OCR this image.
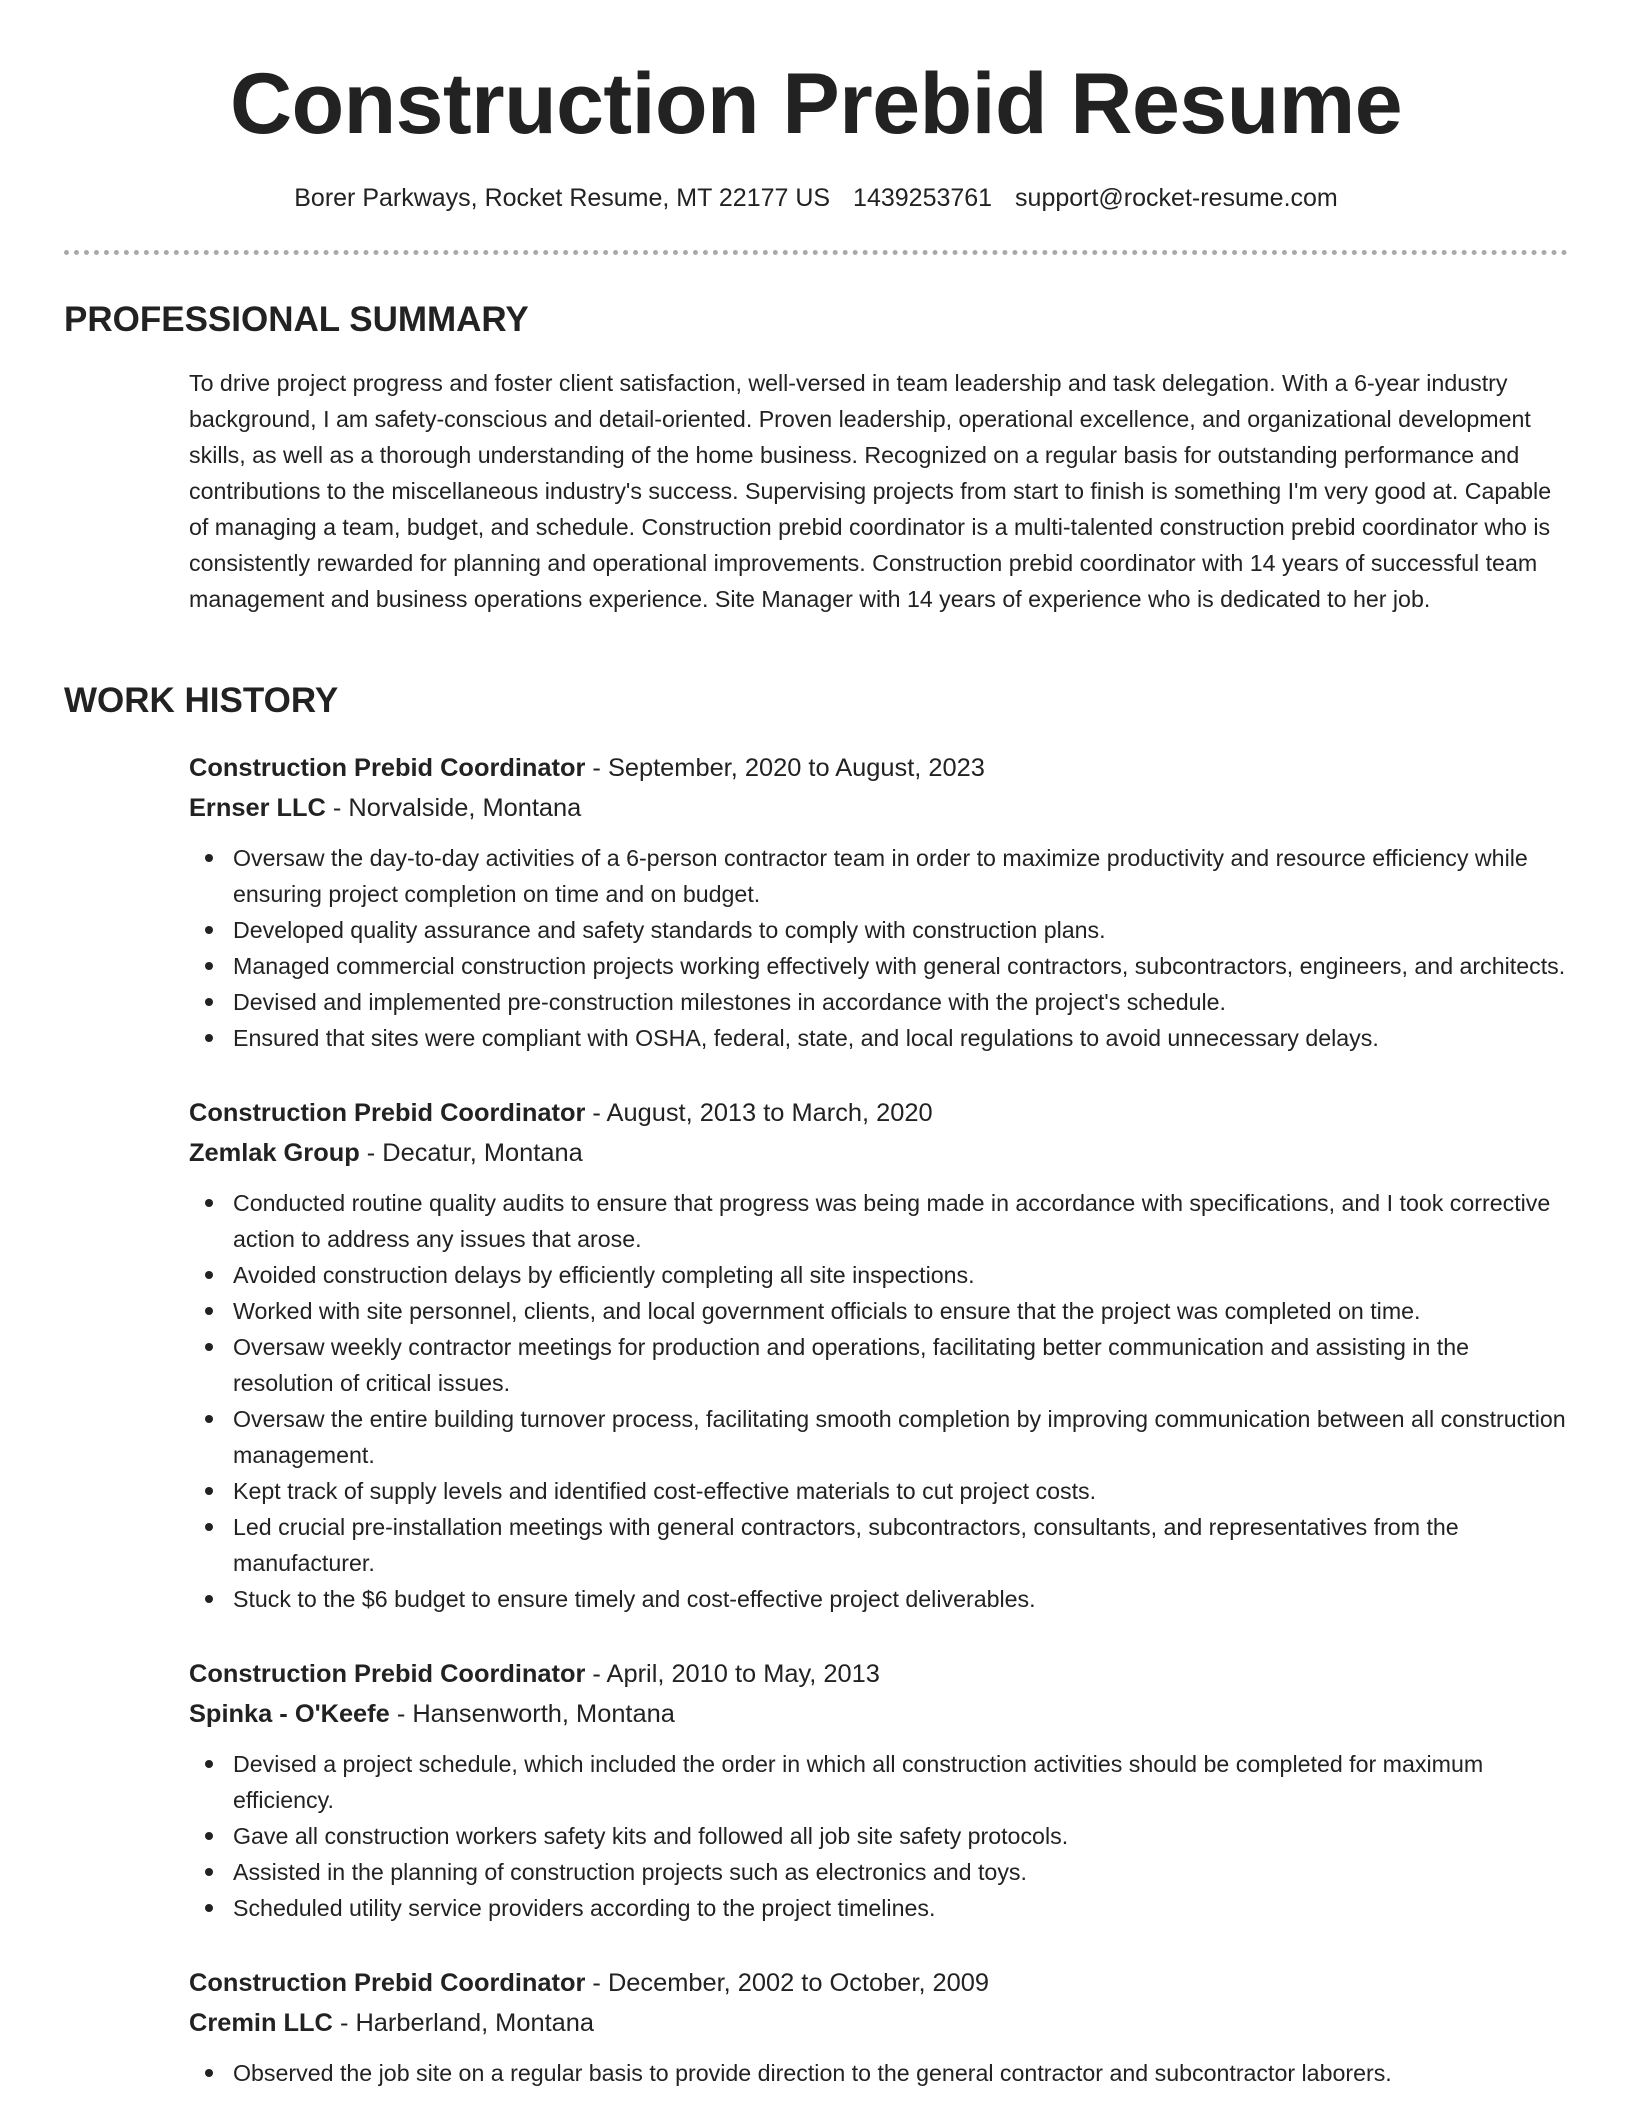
Construction Prebid Resume
Borer Parkways, Rocket Resume, MT 22177 US 1439253761 support@rocket-resume.com
PROFESSIONAL SUMMARY

To drive project progress and foster client satisfaction, well-versed in team leadership and task delegation. With a 6-year industry background, I am safety-conscious and detail-oriented. Proven leadership, operational excellence, and organizational development skills, as well as a thorough understanding of the home business. Recognized on a regular basis for outstanding performance and contributions to the miscellaneous industry's success. Supervising projects from start to finish is something I'm very good at. Capable of managing a team, budget, and schedule. Construction prebid coordinator is a multi-talented construction prebid coordinator who is consistently rewarded for planning and operational improvements. Construction prebid coordinator with 14 years of successful team management and business operations experience. Site Manager with 14 years of experience who is dedicated to her job.

WORK HISTORY
Construction Prebid Coordinator - September, 2020 to August, 2023
Ernser LLC - Norvalside, Montana
Oversaw the day-to-day activities of a 6-person contractor team in order to maximize productivity and resource efficiency while ensuring project completion on time and on budget.
Developed quality assurance and safety standards to comply with construction plans.
Managed commercial construction projects working effectively with general contractors, subcontractors, engineers, and architects.
Devised and implemented pre-construction milestones in accordance with the project's schedule.
Ensured that sites were compliant with OSHA, federal, state, and local regulations to avoid unnecessary delays.
Construction Prebid Coordinator - August, 2013 to March, 2020
Zemlak Group - Decatur, Montana
Conducted routine quality audits to ensure that progress was being made in accordance with specifications, and I took corrective action to address any issues that arose.
Avoided construction delays by efficiently completing all site inspections.
Worked with site personnel, clients, and local government officials to ensure that the project was completed on time.
Oversaw weekly contractor meetings for production and operations, facilitating better communication and assisting in the resolution of critical issues.
Oversaw the entire building turnover process, facilitating smooth completion by improving communication between all construction management.
Kept track of supply levels and identified cost-effective materials to cut project costs.
Led crucial pre-installation meetings with general contractors, subcontractors, consultants, and representatives from the manufacturer.
Stuck to the $6 budget to ensure timely and cost-effective project deliverables.
Construction Prebid Coordinator - April, 2010 to May, 2013
Spinka - O'Keefe - Hansenworth, Montana
Devised a project schedule, which included the order in which all construction activities should be completed for maximum efficiency.
Gave all construction workers safety kits and followed all job site safety protocols.
Assisted in the planning of construction projects such as electronics and toys.
Scheduled utility service providers according to the project timelines.
Construction Prebid Coordinator - December, 2002 to October, 2009
Cremin LLC - Harberland, Montana
Observed the job site on a regular basis to provide direction to the general contractor and subcontractor laborers.
